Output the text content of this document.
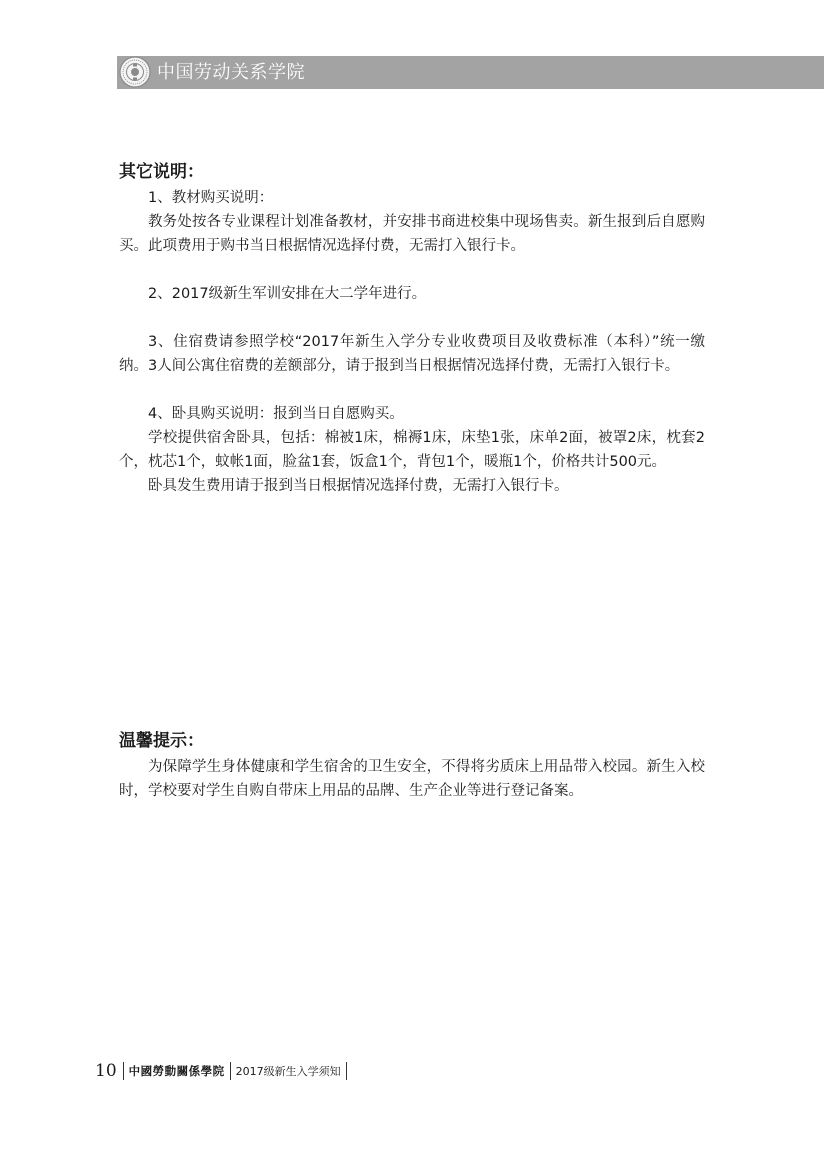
中国劳动关系学院

其它说明：

1、教材购买说明：

教务处按各专业课程计划准备教材，并安排书商进校集中现场售卖。新生报到后自愿购买。此项费用于购书当日根据情况选择付费，无需打入银行卡。

2、2017级新生军训安排在大二学年进行。

3、住宿费请参照学校“2017年新生入学分专业收费项目及收费标准（本科）”统一缴纳。3人间公寓住宿费的差额部分，请于报到当日根据情况选择付费，无需打入银行卡。

4、卧具购买说明：报到当日自愿购买。

学校提供宿舍卧具，包括：棉被1床，棉褥1床，床垫1张，床单2面，被罩2床，枕套2个，枕芯1个，蚊帐1面，脸盆1套，饭盒1个，背包1个，暖瓶1个，价格共计500元。

卧具发生费用请于报到当日根据情况选择付费，无需打入银行卡。

温馨提示：

为保障学生身体健康和学生宿舍的卫生安全，不得将劣质床上用品带入校园。新生入校时，学校要对学生自购自带床上用品的品牌、生产企业等进行登记备案。

10	中國勞動關係學院	2017级新生入学须知
